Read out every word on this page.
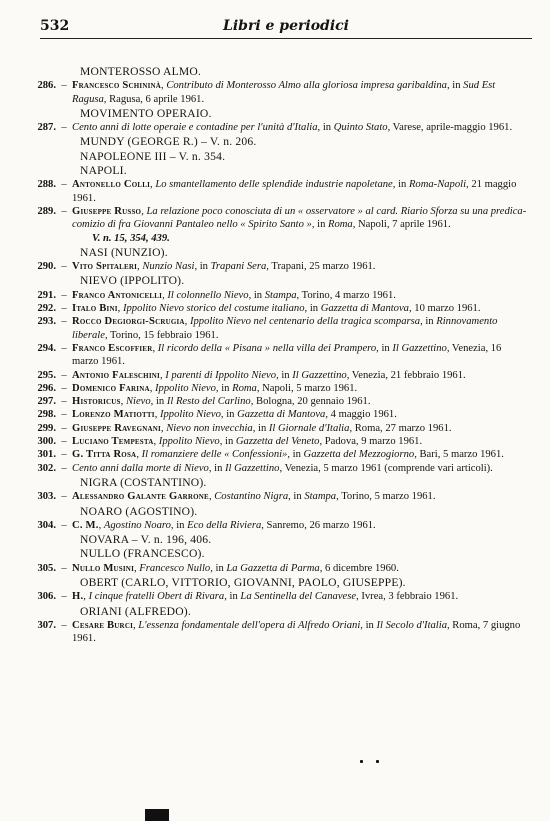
532	Libri e periodici
MONTEROSSO ALMO.
286. – Francesco Schininà, Contributo di Monterosso Almo alla gloriosa impresa garibaldina, in Sud Est Ragusa, Ragusa, 6 aprile 1961.
MOVIMENTO OPERAIO.
287. – Cento anni di lotte operaie e contadine per l'unità d'Italia, in Quinto Stato, Varese, aprile-maggio 1961.
MUNDY (GEORGE R.) – V. n. 206.
NAPOLEONE III – V. n. 354.
NAPOLI.
288. – Antonello Colli, Lo smantellamento delle splendide industrie napoletane, in Roma-Napoli, 21 maggio 1961.
289. – Giuseppe Russo, La relazione poco conosciuta di un « osservatore » al card. Riario Sforza su una predica-comizio di fra Giovanni Pantaleo nello « Spirito Santo », in Roma, Napoli, 7 aprile 1961.
V. n. 15, 354, 439.
NASI (NUNZIO).
290. – Vito Spitaleri, Nunzio Nasi, in Trapani Sera, Trapani, 25 marzo 1961.
NIEVO (IPPOLITO).
291. – Franco Antonicelli, Il colonnello Nievo, in Stampa, Torino, 4 marzo 1961.
292. – Italo Bini, Ippolito Nievo storico del costume italiano, in Gazzetta di Mantova, 10 marzo 1961.
293. – Rocco Degiorgi-Scrugia, Ippolito Nievo nel centenario della tragica scomparsa, in Rinnovamento liberale, Torino, 15 febbraio 1961.
294. – Franco Escoffier, Il ricordo della « Pisana » nella villa dei Prampero, in Il Gazzettino, Venezia, 16 marzo 1961.
295. – Antonio Faleschini, I parenti di Ippolito Nievo, in Il Gazzettino, Venezia, 21 febbraio 1961.
296. – Domenico Farina, Ippolito Nievo, in Roma, Napoli, 5 marzo 1961.
297. – Historicus, Nievo, in Il Resto del Carlino, Bologna, 20 gennaio 1961.
298. – Lorenzo Matiotti, Ippolito Nievo, in Gazzetta di Mantova, 4 maggio 1961.
299. – Giuseppe Ravegnani, Nievo non invecchia, in Il Giornale d'Italia, Roma, 27 marzo 1961.
300. – Luciano Tempesta, Ippolito Nievo, in Gazzetta del Veneto, Padova, 9 marzo 1961.
301. – G. Titta Rosa, Il romanziere delle « Confessioni», in Gazzetta del Mezzogiorno, Bari, 5 marzo 1961.
302. – Cento anni dalla morte di Nievo, in Il Gazzettino, Venezia, 5 marzo 1961 (comprende vari articoli).
NIGRA (COSTANTINO).
303. – Alessandro Galante Garrone, Costantino Nigra, in Stampa, Torino, 5 marzo 1961.
NOARO (AGOSTINO).
304. – C. M., Agostino Noaro, in Eco della Riviera, Sanremo, 26 marzo 1961.
NOVARA – V. n. 196, 406.
NULLO (FRANCESCO).
305. – Nullo Musini, Francesco Nullo, in La Gazzetta di Parma, 6 dicembre 1960.
OBERT (CARLO, VITTORIO, GIOVANNI, PAOLO, GIUSEPPE).
306. – H., I cinque fratelli Obert di Rivara, in La Sentinella del Canavese, Ivrea, 3 febbraio 1961.
ORIANI (ALFREDO).
307. – Cesare Burci, L'essenza fondamentale dell'opera di Alfredo Oriani, in Il Secolo d'Italia, Roma, 7 giugno 1961.
